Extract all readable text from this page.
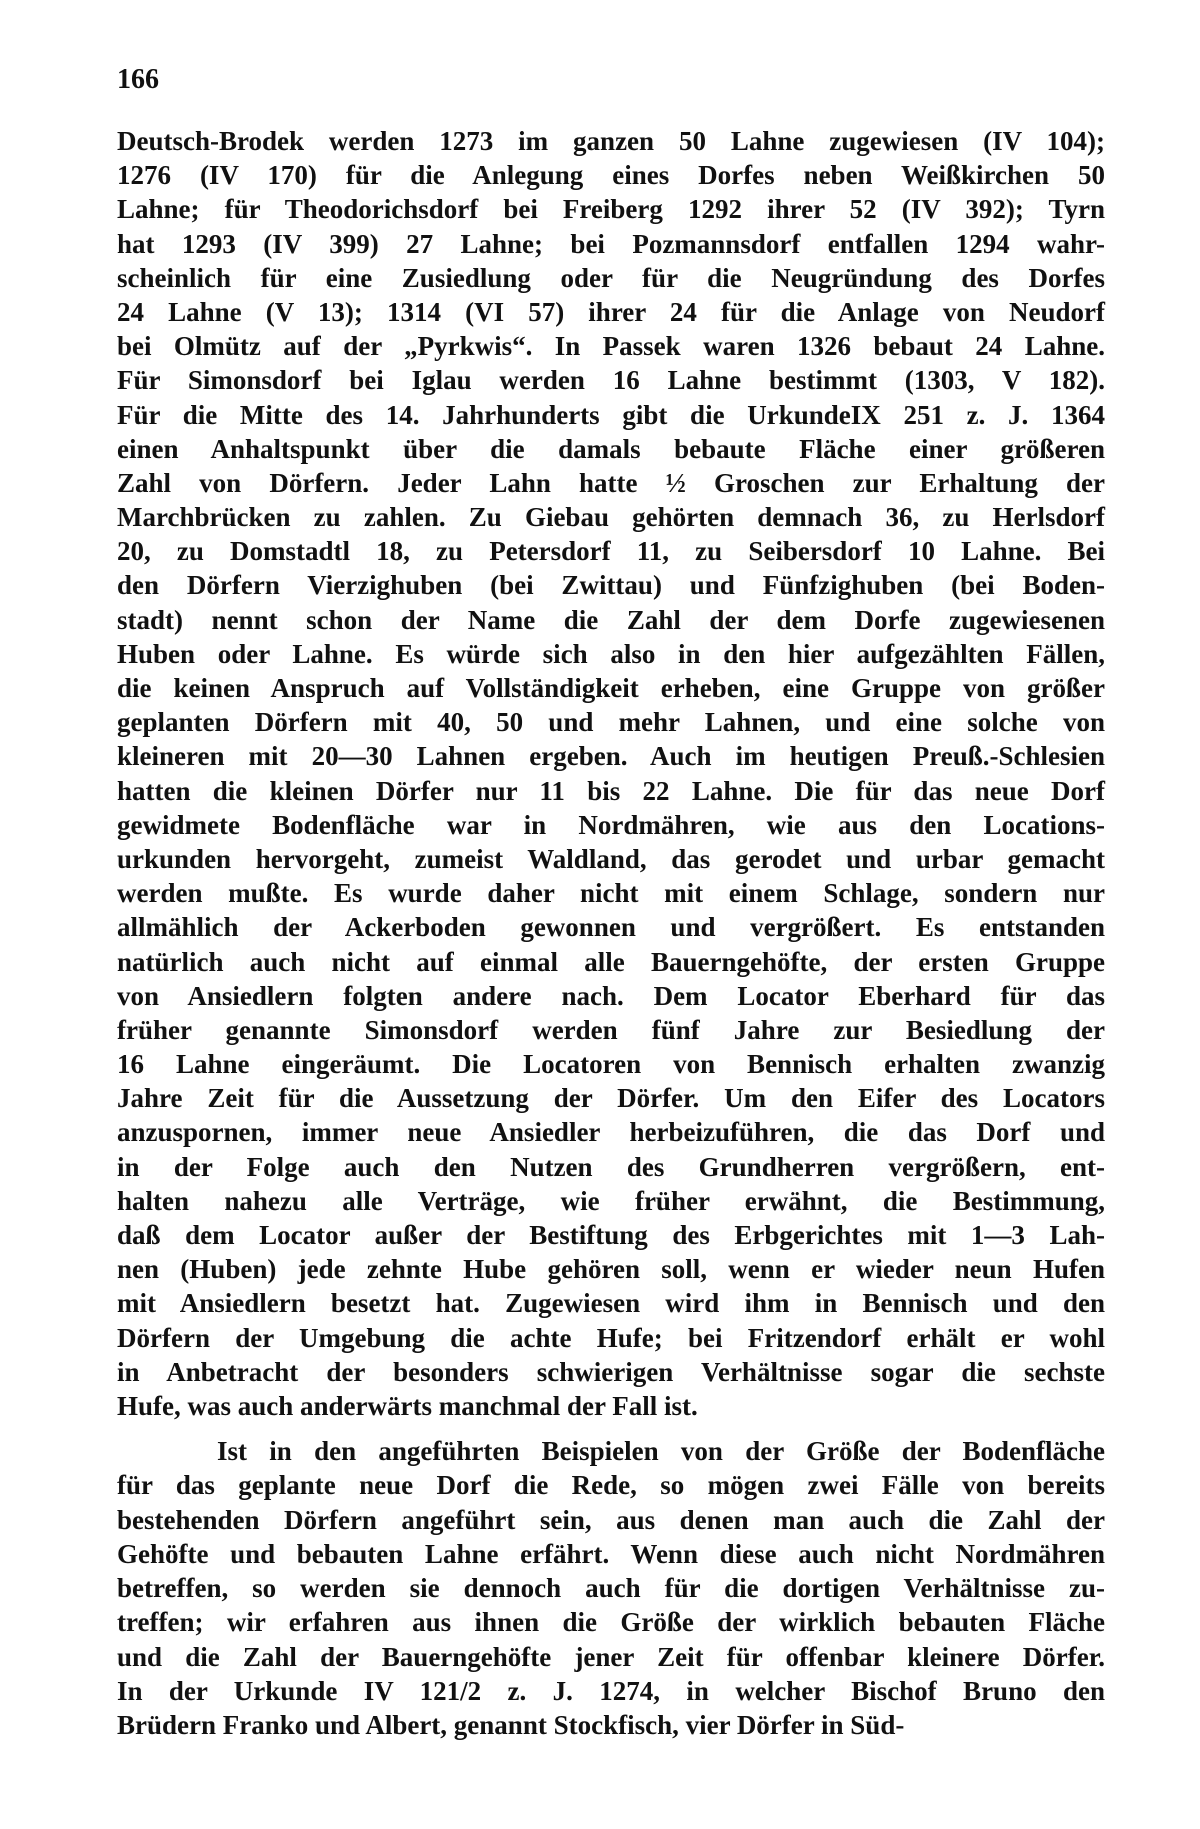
166
Deutsch-Brodek werden 1273 im ganzen 50 Lahne zugewiesen (IV 104);
1276 (IV 170) für die Anlegung eines Dorfes neben Weißkirchen 50
Lahne; für Theodorichsdorf bei Freiberg 1292 ihrer 52 (IV 392); Tyrn
hat 1293 (IV 399) 27 Lahne; bei Pozmannsdorf entfallen 1294 wahr-
scheinlich für eine Zusiedlung oder für die Neugründung des Dorfes
24 Lahne (V 13); 1314 (VI 57) ihrer 24 für die Anlage von Neudorf
bei Olmütz auf der „Pyrkwis“. In Passek waren 1326 bebaut 24 Lahne.
Für Simonsdorf bei Iglau werden 16 Lahne bestimmt (1303, V 182).
Für die Mitte des 14. Jahrhunderts gibt die UrkundeIX 251 z. J. 1364
einen Anhaltspunkt über die damals bebaute Fläche einer größeren
Zahl von Dörfern. Jeder Lahn hatte ½ Groschen zur Erhaltung der
Marchbrücken zu zahlen. Zu Giebau gehörten demnach 36, zu Herlsdorf
20, zu Domstadtl 18, zu Petersdorf 11, zu Seibersdorf 10 Lahne. Bei
den Dörfern Vierzighuben (bei Zwittau) und Fünfzighuben (bei Boden-
stadt) nennt schon der Name die Zahl der dem Dorfe zugewiesenen
Huben oder Lahne. Es würde sich also in den hier aufgezählten Fällen,
die keinen Anspruch auf Vollständigkeit erheben, eine Gruppe von größer
geplanten Dörfern mit 40, 50 und mehr Lahnen, und eine solche von
kleineren mit 20—30 Lahnen ergeben. Auch im heutigen Preuß.-Schlesien
hatten die kleinen Dörfer nur 11 bis 22 Lahne. Die für das neue Dorf
gewidmete Bodenfläche war in Nordmähren, wie aus den Locations-
urkunden hervorgeht, zumeist Waldland, das gerodet und urbar gemacht
werden mußte. Es wurde daher nicht mit einem Schlage, sondern nur
allmählich der Ackerboden gewonnen und vergrößert. Es entstanden
natürlich auch nicht auf einmal alle Bauerngehöfte, der ersten Gruppe
von Ansiedlern folgten andere nach. Dem Locator Eberhard für das
früher genannte Simonsdorf werden fünf Jahre zur Besiedlung der
16 Lahne eingeräumt. Die Locatoren von Bennisch erhalten zwanzig
Jahre Zeit für die Aussetzung der Dörfer. Um den Eifer des Locators
anzuspornen, immer neue Ansiedler herbeizuführen, die das Dorf und
in der Folge auch den Nutzen des Grundherren vergrößern, ent-
halten nahezu alle Verträge, wie früher erwähnt, die Bestimmung,
daß dem Locator außer der Bestiftung des Erbgerichtes mit 1—3 Lah-
nen (Huben) jede zehnte Hube gehören soll, wenn er wieder neun Hufen
mit Ansiedlern besetzt hat. Zugewiesen wird ihm in Bennisch und den
Dörfern der Umgebung die achte Hufe; bei Fritzendorf erhält er wohl
in Anbetracht der besonders schwierigen Verhältnisse sogar die sechste
Hufe, was auch anderwärts manchmal der Fall ist.
Ist in den angeführten Beispielen von der Größe der Bodenfläche
für das geplante neue Dorf die Rede, so mögen zwei Fälle von bereits
bestehenden Dörfern angeführt sein, aus denen man auch die Zahl der
Gehöfte und bebauten Lahne erfährt. Wenn diese auch nicht Nordmähren
betreffen, so werden sie dennoch auch für die dortigen Verhältnisse zu-
treffen; wir erfahren aus ihnen die Größe der wirklich bebauten Fläche
und die Zahl der Bauerngehöfte jener Zeit für offenbar kleinere Dörfer.
In der Urkunde IV 121/2 z. J. 1274, in welcher Bischof Bruno den
Brüdern Franko und Albert, genannt Stockfisch, vier Dörfer in Süd-
